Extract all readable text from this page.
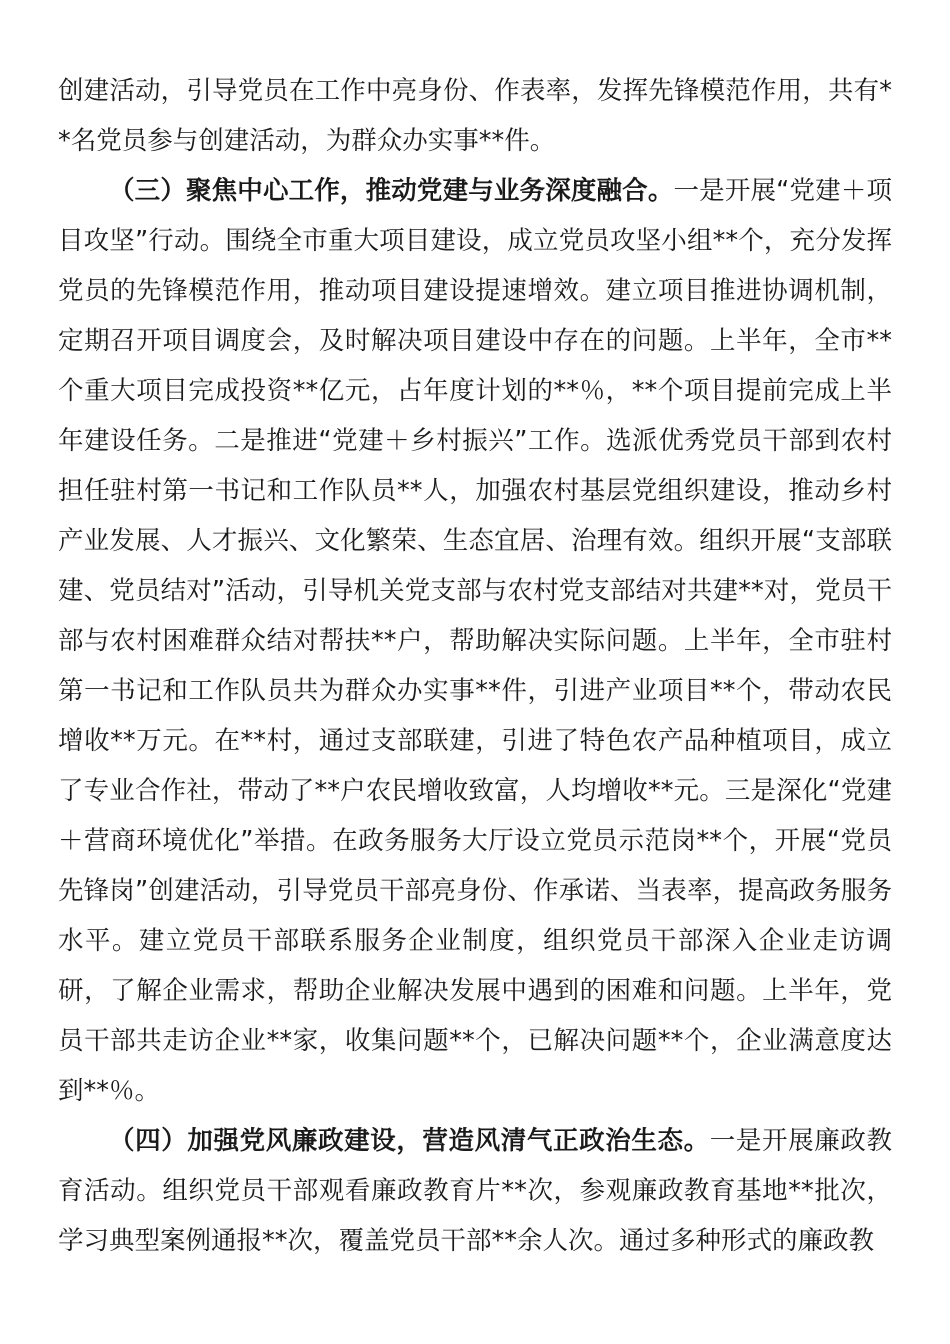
创建活动，引导党员在工作中亮身份、作表率，发挥先锋模范作用，共有**名党员参与创建活动，为群众办实事**件。

（三）聚焦中心工作，推动党建与业务深度融合。一是开展“党建＋项目攻坚”行动。围绕全市重大项目建设，成立党员攻坚小组**个，充分发挥党员的先锋模范作用，推动项目建设提速增效。建立项目推进协调机制，定期召开项目调度会，及时解决项目建设中存在的问题。上半年，全市**个重大项目完成投资**亿元，占年度计划的**％，**个项目提前完成上半年建设任务。二是推进“党建＋乡村振兴”工作。选派优秀党员干部到农村担任驻村第一书记和工作队员**人，加强农村基层党组织建设，推动乡村产业发展、人才振兴、文化繁荣、生态宜居、治理有效。组织开展“支部联建、党员结对”活动，引导机关党支部与农村党支部结对共建**对，党员干部与农村困难群众结对帮扶**户，帮助解决实际问题。上半年，全市驻村第一书记和工作队员共为群众办实事**件，引进产业项目**个，带动农民增收**万元。在**村，通过支部联建，引进了特色农产品种植项目，成立了专业合作社，带动了**户农民增收致富，人均增收**元。三是深化“党建＋营商环境优化”举措。在政务服务大厅设立党员示范岗**个，开展“党员先锋岗”创建活动，引导党员干部亮身份、作承诺、当表率，提高政务服务水平。建立党员干部联系服务企业制度，组织党员干部深入企业走访调研，了解企业需求，帮助企业解决发展中遇到的困难和问题。上半年，党员干部共走访企业**家，收集问题**个，已解决问题**个，企业满意度达到**％。

（四）加强党风廉政建设，营造风清气正政治生态。一是开展廉政教育活动。组织党员干部观看廉政教育片**次，参观廉政教育基地**批次，学习典型案例通报**次，覆盖党员干部**余人次。通过多种形式的廉政教
